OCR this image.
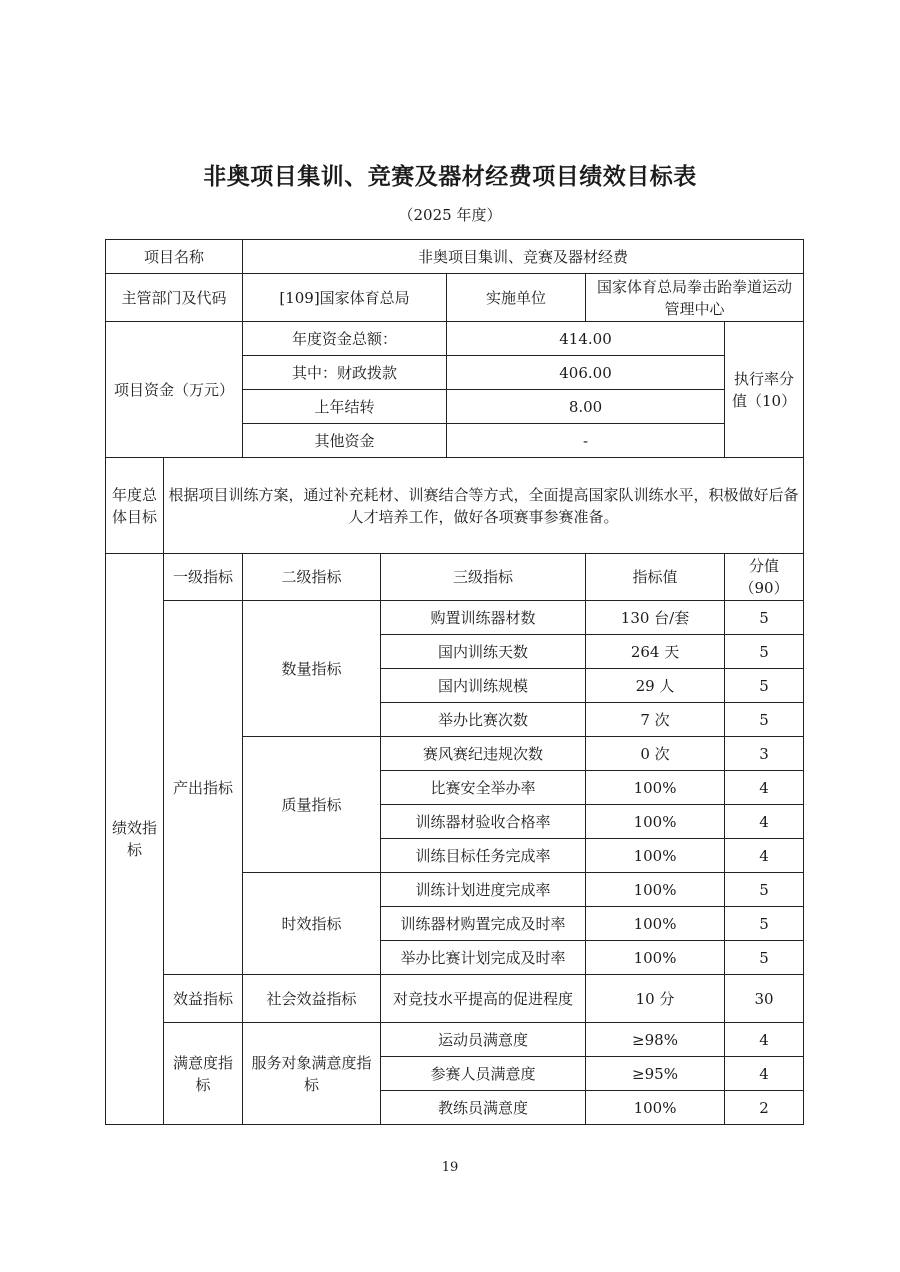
非奥项目集训、竞赛及器材经费项目绩效目标表
（2025 年度）
项目名称		非奥项目集训、竞赛及器材经费				
主管部门及代码		[109]国家体育总局		实施单位	国家体育总局拳击跆拳道运动管理中心	
项目资金（万元）		年度资金总额：		414.00		执行率分值（10）
		其中：财政拨款		406.00		
		上年结转		8.00		
		其他资金		-		
年度总体目标	根据项目训练方案，通过补充耗材、训赛结合等方式，全面提高国家队训练水平，积极做好后备人才培养工作，做好各项赛事参赛准备。					
绩效指标	一级指标	二级指标	三级指标		指标值	分值（90）
	产出指标	数量指标	购置训练器材数		130 台/套	5
			国内训练天数		264 天	5
			国内训练规模		29 人	5
			举办比赛次数		7 次	5
		质量指标	赛风赛纪违规次数		0 次	3
			比赛安全举办率		100%	4
			训练器材验收合格率		100%	4
			训练目标任务完成率		100%	4
		时效指标	训练计划进度完成率		100%	5
			训练器材购置完成及时率		100%	5
			举办比赛计划完成及时率		100%	5
	效益指标	社会效益指标	对竞技水平提高的促进程度		10 分	30
	满意度指标	服务对象满意度指标	运动员满意度		≥98%	4
			参赛人员满意度		≥95%	4
			教练员满意度		100%	2
19
